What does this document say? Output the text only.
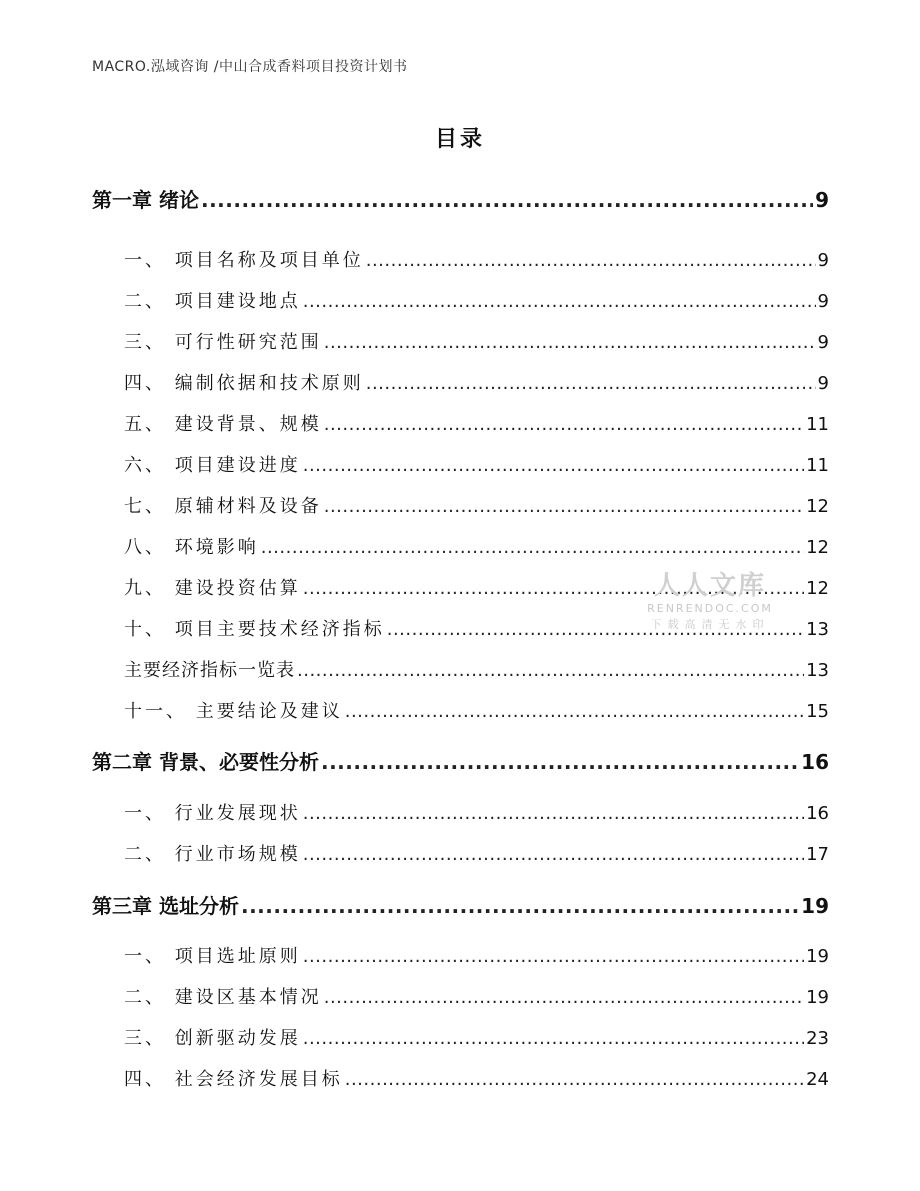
MACRO.泓域咨询 /中山合成香料项目投资计划书
目录
第一章 绪论 .....	9
一、 项目名称及项目单位 .....	9
二、 项目建设地点 .....	9
三、 可行性研究范围 .....	9
四、 编制依据和技术原则 .....	9
五、 建设背景、规模 .....	11
六、 项目建设进度 .....	11
七、 原辅材料及设备 .....	12
八、 环境影响 .....	12
九、 建设投资估算 .....	12
十、 项目主要技术经济指标 .....	13
主要经济指标一览表 .....	13
十一、 主要结论及建议 .....	15
第二章 背景、必要性分析 .....	16
一、 行业发展现状 .....	16
二、 行业市场规模 .....	17
第三章 选址分析 .....	19
一、 项目选址原则 .....	19
二、 建设区基本情况 .....	19
三、 创新驱动发展 .....	23
四、 社会经济发展目标 .....	24
人人文库
RENRENDOC.COM
下载高清无水印
